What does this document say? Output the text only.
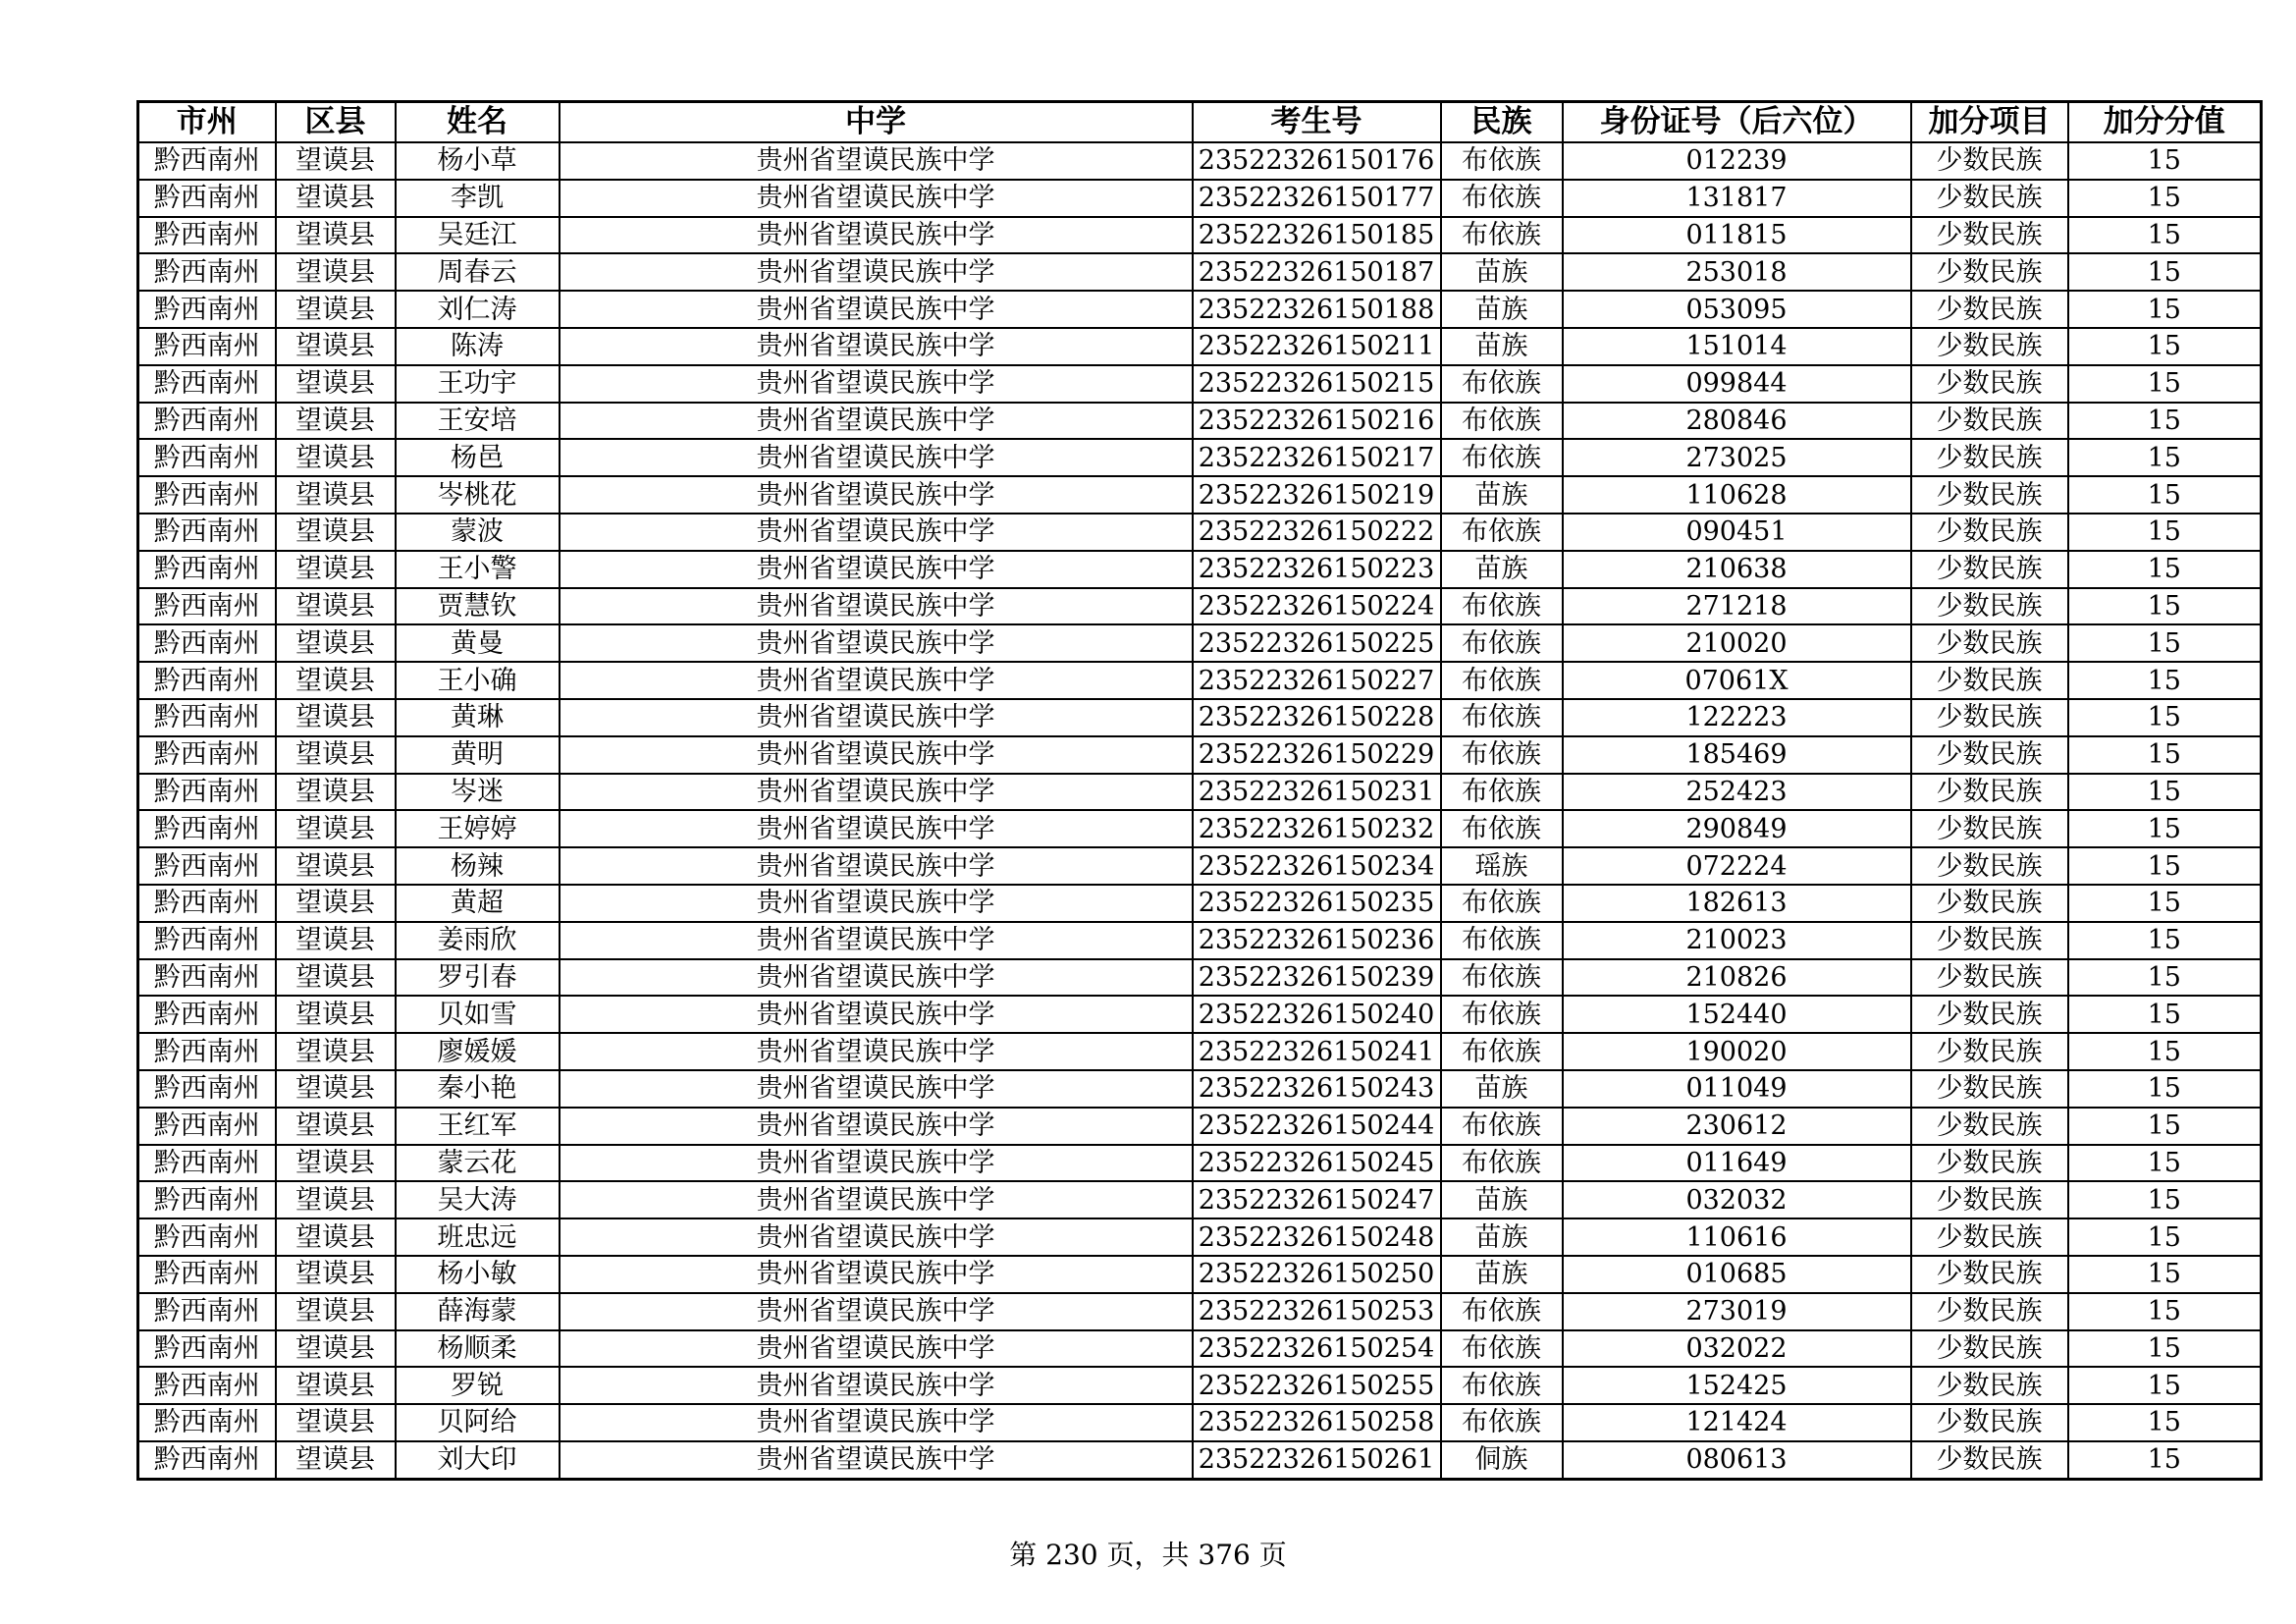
市州	区县	姓名	中学	考生号	民族	身份证号（后六位）	加分项目	加分分值
黔西南州	望谟县	杨小草	贵州省望谟民族中学	23522326150176	布依族	012239	少数民族	15
黔西南州	望谟县	李凯	贵州省望谟民族中学	23522326150177	布依族	131817	少数民族	15
黔西南州	望谟县	吴廷江	贵州省望谟民族中学	23522326150185	布依族	011815	少数民族	15
黔西南州	望谟县	周春云	贵州省望谟民族中学	23522326150187	苗族	253018	少数民族	15
黔西南州	望谟县	刘仁涛	贵州省望谟民族中学	23522326150188	苗族	053095	少数民族	15
黔西南州	望谟县	陈涛	贵州省望谟民族中学	23522326150211	苗族	151014	少数民族	15
黔西南州	望谟县	王功宇	贵州省望谟民族中学	23522326150215	布依族	099844	少数民族	15
黔西南州	望谟县	王安培	贵州省望谟民族中学	23522326150216	布依族	280846	少数民族	15
黔西南州	望谟县	杨邑	贵州省望谟民族中学	23522326150217	布依族	273025	少数民族	15
黔西南州	望谟县	岑桃花	贵州省望谟民族中学	23522326150219	苗族	110628	少数民族	15
黔西南州	望谟县	蒙波	贵州省望谟民族中学	23522326150222	布依族	090451	少数民族	15
黔西南州	望谟县	王小警	贵州省望谟民族中学	23522326150223	苗族	210638	少数民族	15
黔西南州	望谟县	贾慧钦	贵州省望谟民族中学	23522326150224	布依族	271218	少数民族	15
黔西南州	望谟县	黄曼	贵州省望谟民族中学	23522326150225	布依族	210020	少数民族	15
黔西南州	望谟县	王小确	贵州省望谟民族中学	23522326150227	布依族	07061X	少数民族	15
黔西南州	望谟县	黄琳	贵州省望谟民族中学	23522326150228	布依族	122223	少数民族	15
黔西南州	望谟县	黄明	贵州省望谟民族中学	23522326150229	布依族	185469	少数民族	15
黔西南州	望谟县	岑迷	贵州省望谟民族中学	23522326150231	布依族	252423	少数民族	15
黔西南州	望谟县	王婷婷	贵州省望谟民族中学	23522326150232	布依族	290849	少数民族	15
黔西南州	望谟县	杨辣	贵州省望谟民族中学	23522326150234	瑶族	072224	少数民族	15
黔西南州	望谟县	黄超	贵州省望谟民族中学	23522326150235	布依族	182613	少数民族	15
黔西南州	望谟县	姜雨欣	贵州省望谟民族中学	23522326150236	布依族	210023	少数民族	15
黔西南州	望谟县	罗引春	贵州省望谟民族中学	23522326150239	布依族	210826	少数民族	15
黔西南州	望谟县	贝如雪	贵州省望谟民族中学	23522326150240	布依族	152440	少数民族	15
黔西南州	望谟县	廖媛媛	贵州省望谟民族中学	23522326150241	布依族	190020	少数民族	15
黔西南州	望谟县	秦小艳	贵州省望谟民族中学	23522326150243	苗族	011049	少数民族	15
黔西南州	望谟县	王红军	贵州省望谟民族中学	23522326150244	布依族	230612	少数民族	15
黔西南州	望谟县	蒙云花	贵州省望谟民族中学	23522326150245	布依族	011649	少数民族	15
黔西南州	望谟县	吴大涛	贵州省望谟民族中学	23522326150247	苗族	032032	少数民族	15
黔西南州	望谟县	班忠远	贵州省望谟民族中学	23522326150248	苗族	110616	少数民族	15
黔西南州	望谟县	杨小敏	贵州省望谟民族中学	23522326150250	苗族	010685	少数民族	15
黔西南州	望谟县	薛海蒙	贵州省望谟民族中学	23522326150253	布依族	273019	少数民族	15
黔西南州	望谟县	杨顺柔	贵州省望谟民族中学	23522326150254	布依族	032022	少数民族	15
黔西南州	望谟县	罗锐	贵州省望谟民族中学	23522326150255	布依族	152425	少数民族	15
黔西南州	望谟县	贝阿给	贵州省望谟民族中学	23522326150258	布依族	121424	少数民族	15
黔西南州	望谟县	刘大印	贵州省望谟民族中学	23522326150261	侗族	080613	少数民族	15
第 230 页，共 376 页
